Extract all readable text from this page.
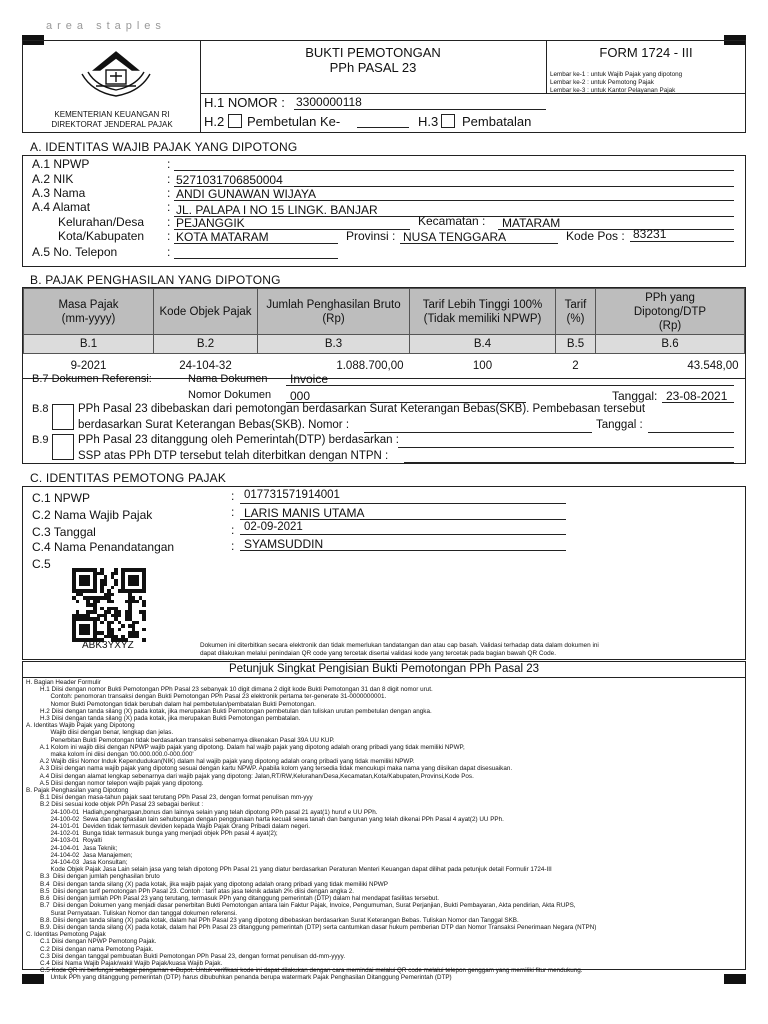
area staples
KEMENTERIAN KEUANGAN RI
DIREKTORAT JENDERAL PAJAK
BUKTI PEMOTONGAN
PPh PASAL 23
FORM 1724 - III
Lembar ke-1 : untuk Wajib Pajak yang dipotong
Lembar ke-2 : untuk Pemotong Pajak
Lembar ke-3 : untuk Kantor Pelayanan Pajak
H.1 NOMOR : 3300000118
H.2 Pembetulan Ke-	H.3 Pembatalan
A. IDENTITAS WAJIB PAJAK YANG DIPOTONG
A.1 NPWP	:
A.2 NIK	: 5271031706850004
A.3 Nama	: ANDI GUNAWAN WIJAYA
A.4 Alamat	: JL. PALAPA I NO 15 LINGK. BANJAR
Kelurahan/Desa : PEJANGGIK	Kecamatan : MATARAM
Kota/Kabupaten : KOTA MATARAM	Provinsi : NUSA TENGGARA	Kode Pos : 83231
A.5 No. Telepon	:
B. PAJAK PENGHASILAN YANG DIPOTONG
Masa Pajak
(mm-yyyy)	Kode Objek Pajak	Jumlah Penghasilan Bruto
(Rp)	Tarif Lebih Tinggi 100%
(Tidak memiliki NPWP)	Tarif
(%)	PPh yang
Dipotong/DTP
(Rp)
B.1	B.2	B.3	B.4	B.5	B.6
9-2021	24-104-32	1.088.700,00	100	2	43.548,00
B.7 Dokumen Referensi:	Nama Dokumen Invoice
Nomor Dokumen 000	Tanggal: 23-08-2021
B.8	PPh Pasal 23 dibebaskan dari pemotongan berdasarkan Surat Keterangan Bebas(SKB). Pembebasan tersebut
berdasarkan Surat Keterangan Bebas(SKB). Nomor :	Tanggal :
B.9	PPh Pasal 23 ditanggung oleh Pemerintah(DTP) berdasarkan :
SSP atas PPh DTP tersebut telah diterbitkan dengan NTPN :
C. IDENTITAS PEMOTONG PAJAK
C.1 NPWP	: 017731571914001
C.2 Nama Wajib Pajak	: LARIS MANIS UTAMA
C.3 Tanggal	: 02-09-2021
C.4 Nama Penandatangan	: SYAMSUDDIN
C.5
ABK3YXYZ	Dokumen ini diterbitkan secara elektronik dan tidak memerlukan tandatangan dan atau cap basah. Validasi terhadap data dalam dokumen ini
dapat dilakukan melalui penindaian QR code yang tercetak disertai validasi kode yang tercetak pada bagian bawah QR Code.
Petunjuk Singkat Pengisian Bukti Pemotongan PPh Pasal 23
H. Bagian Header Formulir
H.1 Diisi dengan nomor Bukti Pemotongan PPh Pasal 23 sebanyak 10 digit dimana 2 digit kode Bukti Pemotongan 31 dan 8 digit nomor urut.
Contoh: penomoran transaksi dengan Bukti Pemotongan PPh Pasal 23 elektronik pertama ter-generate 31-0000000001.
Nomor Bukti Pemotongan tidak berubah dalam hal pembetulan/pembatalan Bukti Pemotongan.
H.2 Diisi dengan tanda silang (X) pada kotak, jika merupakan Bukti Pemotongan pembetulan dan tuliskan urutan pembetulan dengan angka.
H.3 Diisi dengan tanda silang (X) pada kotak, jika merupakan Bukti Pemotongan pembatalan.
A. Identitas Wajib Pajak yang Dipotong
Wajib diisi dengan benar, lengkap dan jelas.
Penerbitan Bukti Pemotongan tidak berdasarkan transaksi sebenarnya dikenakan Pasal 39A UU KUP.
A.1 Kolom ini wajib diisi dengan NPWP wajib pajak yang dipotong. Dalam hal wajib pajak yang dipotong adalah orang pribadi yang tidak memiliki NPWP,
maka kolom ini diisi dengan '00.000.000.0-000.000'
A.2 Wajib diisi Nomor Induk Kependudukan(NIK) dalam hal wajib pajak yang dipotong adalah orang pribadi yang tidak memiliki NPWP.
A.3 Diisi dengan nama wajib pajak yang dipotong sesuai dengan kartu NPWP. Apabila kolom yang tersedia tidak mencukupi maka nama yang diisikan dapat disesuaikan.
A.4 Diisi dengan alamat lengkap sebenarnya dari wajib pajak yang dipotong: Jalan,RT/RW,Kelurahan/Desa,Kecamatan,Kota/Kabupaten,Provinsi,Kode Pos.
A.5 Diisi dengan nomor telepon wajib pajak yang dipotong.
B. Pajak Penghasilan yang Dipotong
B.1 Diisi dengan masa-tahun pajak saat terutang PPh Pasal 23, dengan format penulisan mm-yyy
B.2 Diisi sesuai kode objek PPh Pasal 23 sebagai berikut :
24-100-01  Hadiah,penghargaan,bonus dan lainnya selain yang telah dipotong PPh pasal 21 ayat(1) huruf e UU PPh.
24-100-02  Sewa dan penghasilan lain sehubungan dengan penggunaan harta kecuali sewa tanah dan bangunan yang telah dikenai PPh Pasal 4 ayat(2) UU PPh.
24-101-01  Deviden tidak termasuk deviden kepada Wajib Pajak Orang Pribadi dalam negeri.
24-102-01  Bunga tidak termasuk bunga yang menjadi objek PPh pasal 4 ayat(2);
24-103-01  Royalti
24-104-01  Jasa Teknik;
24-104-02  Jasa Manajemen;
24-104-03  Jasa Konsultan;
Kode Objek Pajak Jasa Lain selain jasa yang telah dipotong PPh Pasal 21 yang diatur berdasarkan Peraturan Menteri Keuangan dapat dilihat pada petunjuk detail Formulir 1724-III
B.3  Diisi dengan jumlah penghasilan bruto
B.4  Diisi dengan tanda silang (X) pada kotak, jika wajib pajak yang dipotong adalah orang pribadi yang tidak memiliki NPWP
B.5  Diisi dengan tarif pemotongan PPh Pasal 23. Contoh : tarif atas jasa teknik adalah 2% diisi dengan angka 2.
B.6  Diisi dengan jumlah PPh Pasal 23 yang terutang, termasuk PPh yang ditanggung pemerintah (DTP) dalam hal mendapat fasilitas tersebut.
B.7  Diisi dengan Dokumen yang menjadi dasar penerbitan Bukti Pemotongan antara lain Faktur Pajak, Invoice, Pengumuman, Surat Perjanjian, Bukti Pembayaran, Akta pendirian, Akta RUPS,
Surat Pernyataan. Tuliskan Nomor dan tanggal dokumen referensi.
B.8. Diisi dengan tanda silang (X) pada kotak, dalam hal PPh Pasal 23 yang dipotong dibebaskan berdasarkan Surat Keterangan Bebas. Tuliskan Nomor dan Tanggal SKB.
B.9. Diisi dengan tanda silang (X) pada kotak, dalam hal PPh Pasal 23 ditanggung pemerintah (DTP) serta cantumkan dasar hukum pemberian DTP dan Nomor Transaksi Penerimaan Negara (NTPN)
C. Identitas Pemotong Pajak
C.1 Diisi dengan NPWP Pemotong Pajak.
C.2 Diisi dengan nama Pemotong Pajak.
C.3 Diisi dengan tanggal pembuatan Bukti Pemotongan PPh Pasal 23, dengan format penulisan dd-mm-yyyy.
C.4 Diisi Nama Wajib Pajak/wakil Wajib Pajak/kuasa Wajib Pajak.
C.5 Kode QR ini berfungsi sebagai pengaman e-Bupot. Untuk verifikasi kode ini dapat dilakukan dengan cara memindai melalui QR code melalui telepon genggam yang memiliki fitur mendukung.
Untuk PPh yang ditanggung pemerintah (DTP) harus dibubuhkan penanda berupa watermark Pajak Penghasilan Ditanggung Pemerintah (DTP)
